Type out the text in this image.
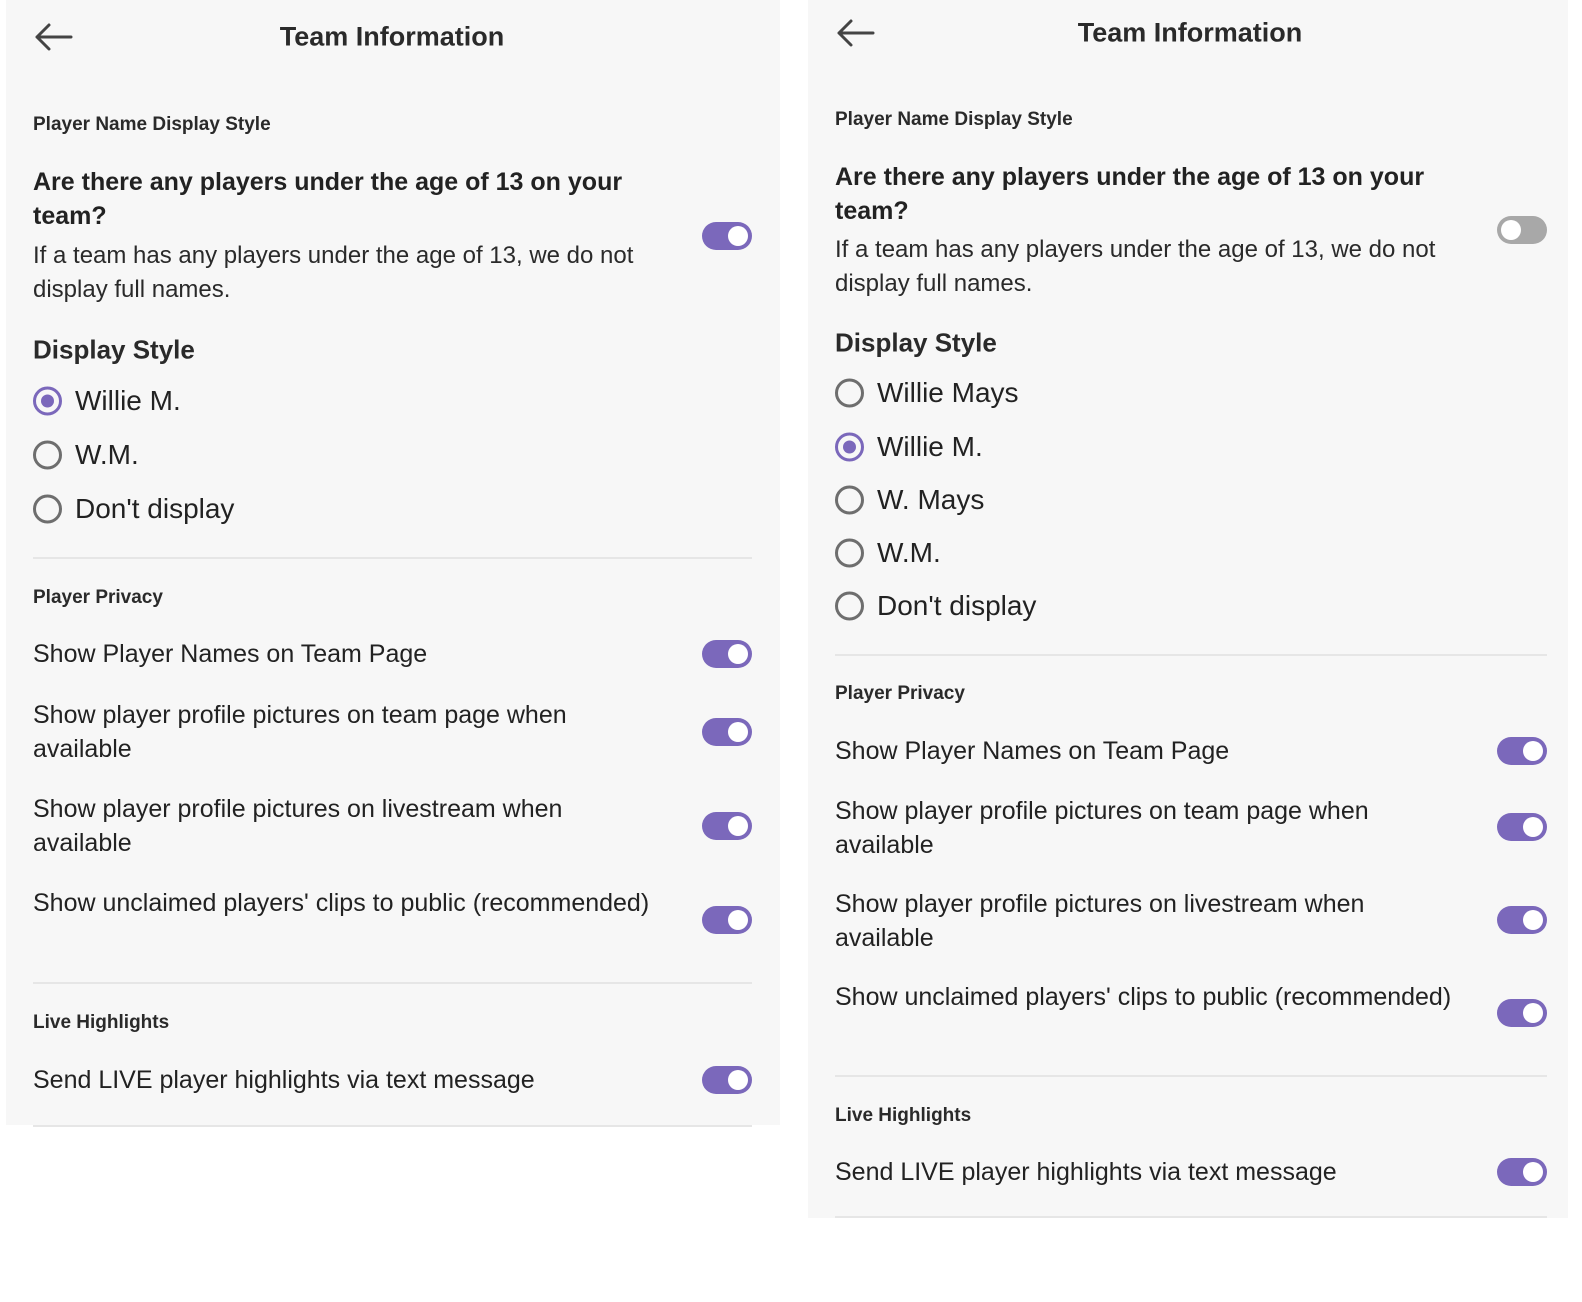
Team Information
Player Name Display Style
Are there any players under the age of 13 on your team?
If a team has any players under the age of 13, we do not display full names.
Display Style
Willie M.
W.M.
Don't display
Player Privacy
Show Player Names on Team Page
Show player profile pictures on team page when available
Show player profile pictures on livestream when available
Show unclaimed players' clips to public (recommended)
Live Highlights
Send LIVE player highlights via text message
Team Information
Player Name Display Style
Are there any players under the age of 13 on your team?
If a team has any players under the age of 13, we do not display full names.
Display Style
Willie Mays
Willie M.
W. Mays
W.M.
Don't display
Player Privacy
Show Player Names on Team Page
Show player profile pictures on team page when available
Show player profile pictures on livestream when available
Show unclaimed players' clips to public (recommended)
Live Highlights
Send LIVE player highlights via text message
